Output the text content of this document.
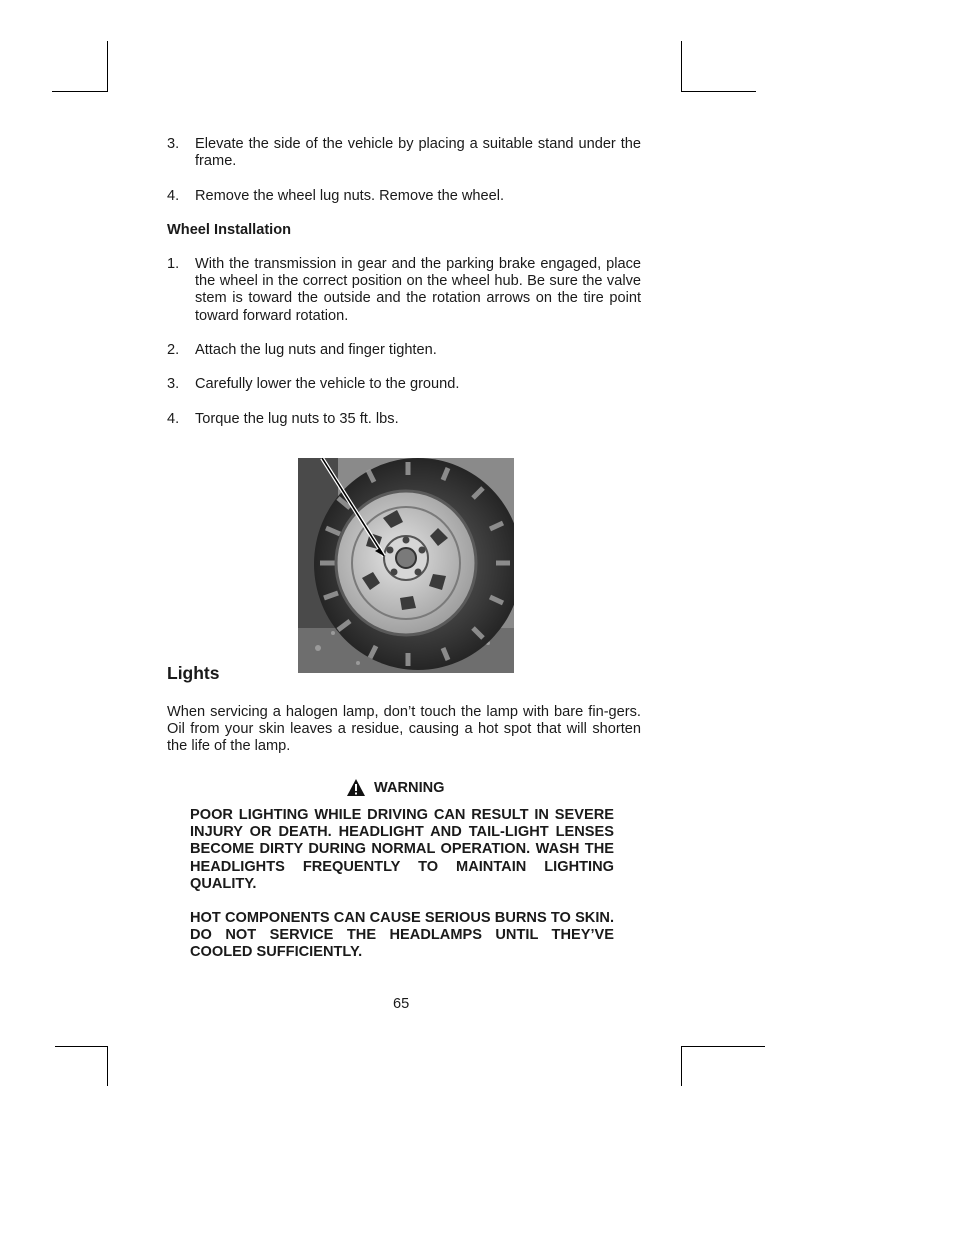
3. Elevate the side of the vehicle by placing a suitable stand under the frame.
4. Remove the wheel lug nuts. Remove the wheel.
Wheel Installation
1. With the transmission in gear and the parking brake engaged, place the wheel in the correct position on the wheel hub. Be sure the valve stem is toward the outside and the rotation arrows on the tire point toward forward rotation.
2. Attach the lug nuts and finger tighten.
3. Carefully lower the vehicle to the ground.
4. Torque the lug nuts to 35 ft. lbs.
Lights
When servicing a halogen lamp, don’t touch the lamp with bare fin-gers. Oil from your skin leaves a residue, causing a hot spot that will shorten the life of the lamp.
WARNING
POOR LIGHTING WHILE DRIVING CAN RESULT IN SEVERE INJURY OR DEATH. HEADLIGHT AND TAIL-LIGHT LENSES BECOME DIRTY DURING NORMAL OPERATION. WASH THE HEADLIGHTS FREQUENTLY TO MAINTAIN LIGHTING QUALITY.
HOT COMPONENTS CAN CAUSE SERIOUS BURNS TO SKIN. DO NOT SERVICE THE HEADLAMPS UNTIL THEY’VE COOLED SUFFICIENTLY.
65
